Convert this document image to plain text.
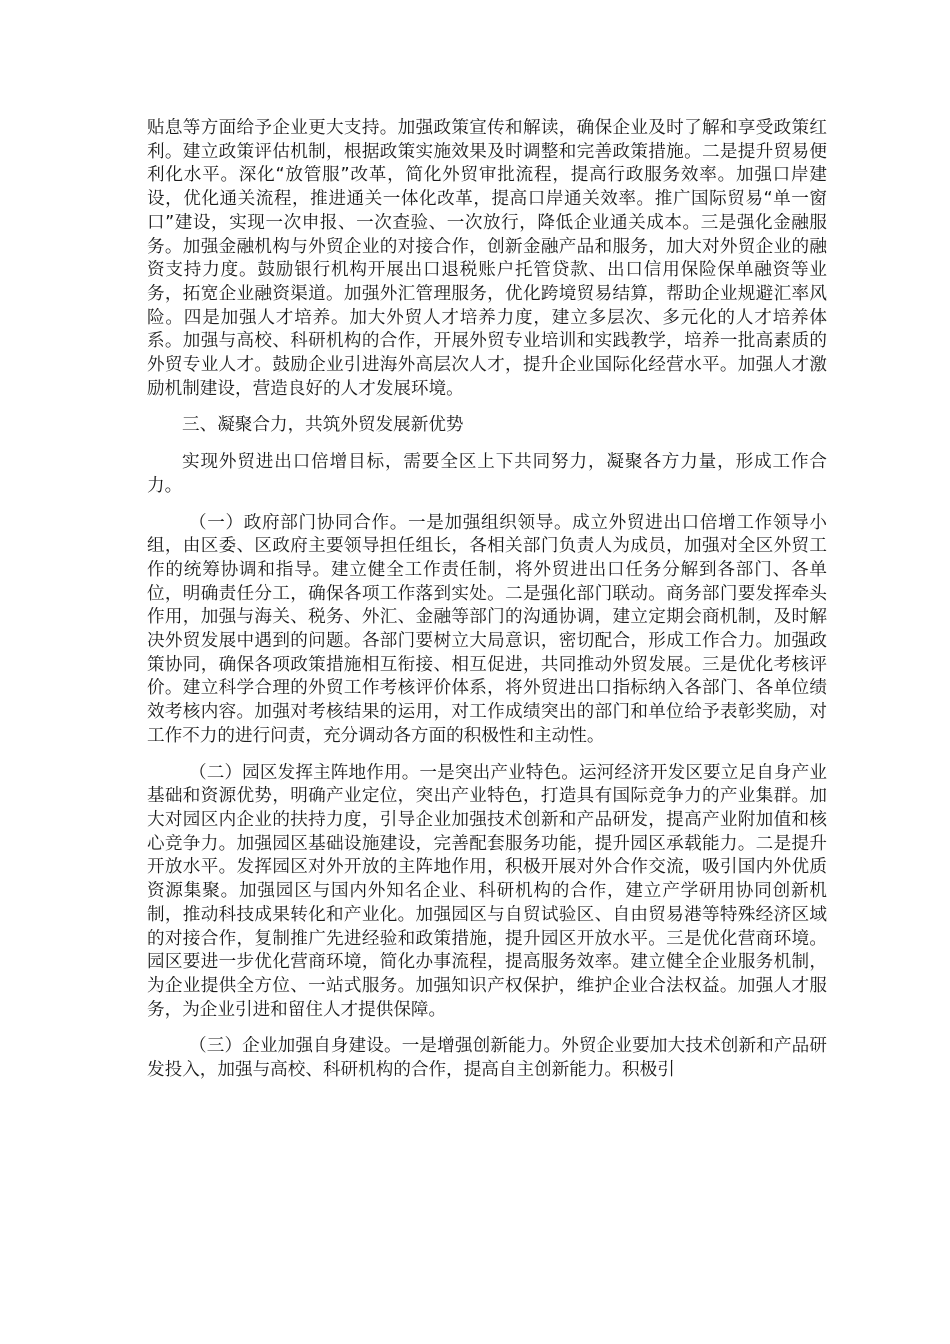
贴息等方面给予企业更大支持。加强政策宣传和解读，确保企业及时了解和享受政策红利。建立政策评估机制，根据政策实施效果及时调整和完善政策措施。二是提升贸易便利化水平。深化“放管服”改革，简化外贸审批流程，提高行政服务效率。加强口岸建设，优化通关流程，推进通关一体化改革，提高口岸通关效率。推广国际贸易“单一窗口”建设，实现一次申报、一次查验、一次放行，降低企业通关成本。三是强化金融服务。加强金融机构与外贸企业的对接合作，创新金融产品和服务，加大对外贸企业的融资支持力度。鼓励银行机构开展出口退税账户托管贷款、出口信用保险保单融资等业务，拓宽企业融资渠道。加强外汇管理服务，优化跨境贸易结算，帮助企业规避汇率风险。四是加强人才培养。加大外贸人才培养力度，建立多层次、多元化的人才培养体系。加强与高校、科研机构的合作，开展外贸专业培训和实践教学，培养一批高素质的外贸专业人才。鼓励企业引进海外高层次人才，提升企业国际化经营水平。加强人才激励机制建设，营造良好的人才发展环境。

三、凝聚合力，共筑外贸发展新优势

实现外贸进出口倍增目标，需要全区上下共同努力，凝聚各方力量，形成工作合力。

（一）政府部门协同合作。一是加强组织领导。成立外贸进出口倍增工作领导小组，由区委、区政府主要领导担任组长，各相关部门负责人为成员，加强对全区外贸工作的统筹协调和指导。建立健全工作责任制，将外贸进出口任务分解到各部门、各单位，明确责任分工，确保各项工作落到实处。二是强化部门联动。商务部门要发挥牵头作用，加强与海关、税务、外汇、金融等部门的沟通协调，建立定期会商机制，及时解决外贸发展中遇到的问题。各部门要树立大局意识，密切配合，形成工作合力。加强政策协同，确保各项政策措施相互衔接、相互促进，共同推动外贸发展。三是优化考核评价。建立科学合理的外贸工作考核评价体系，将外贸进出口指标纳入各部门、各单位绩效考核内容。加强对考核结果的运用，对工作成绩突出的部门和单位给予表彰奖励，对工作不力的进行问责，充分调动各方面的积极性和主动性。

（二）园区发挥主阵地作用。一是突出产业特色。运河经济开发区要立足自身产业基础和资源优势，明确产业定位，突出产业特色，打造具有国际竞争力的产业集群。加大对园区内企业的扶持力度，引导企业加强技术创新和产品研发，提高产业附加值和核心竞争力。加强园区基础设施建设，完善配套服务功能，提升园区承载能力。二是提升开放水平。发挥园区对外开放的主阵地作用，积极开展对外合作交流，吸引国内外优质资源集聚。加强园区与国内外知名企业、科研机构的合作，建立产学研用协同创新机制，推动科技成果转化和产业化。加强园区与自贸试验区、自由贸易港等特殊经济区域的对接合作，复制推广先进经验和政策措施，提升园区开放水平。三是优化营商环境。园区要进一步优化营商环境，简化办事流程，提高服务效率。建立健全企业服务机制，为企业提供全方位、一站式服务。加强知识产权保护，维护企业合法权益。加强人才服务，为企业引进和留住人才提供保障。

（三）企业加强自身建设。一是增强创新能力。外贸企业要加大技术创新和产品研发投入，加强与高校、科研机构的合作，提高自主创新能力。积极引
